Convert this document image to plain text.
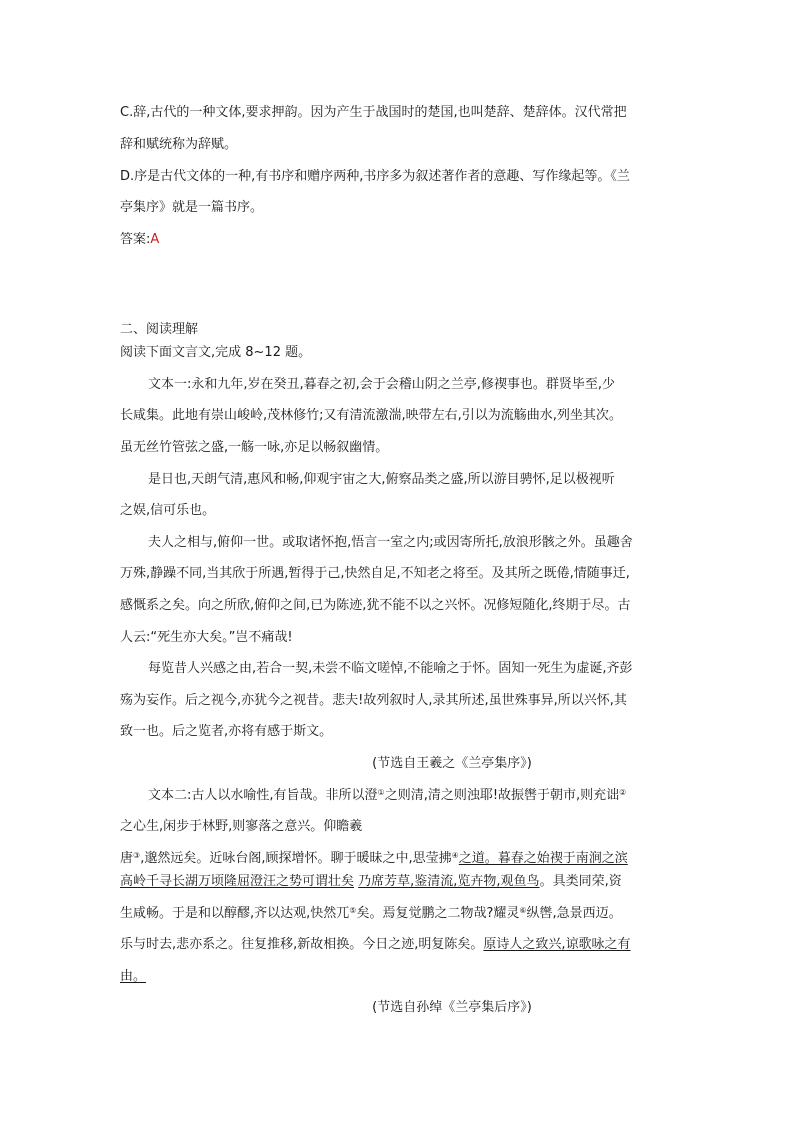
C.辞,古代的一种文体,要求押韵。因为产生于战国时的楚国,也叫楚辞、楚辞体。汉代常把
辞和赋统称为辞赋。
D.序是古代文体的一种,有书序和赠序两种,书序多为叙述著作者的意趣、写作缘起等。《兰
亭集序》就是一篇书序。
答案:A
二、阅读理解
阅读下面文言文,完成 8~12 题。
文本一:永和九年,岁在癸丑,暮春之初,会于会稽山阴之兰亭,修禊事也。群贤毕至,少
长咸集。此地有崇山峻岭,茂林修竹;又有清流激湍,映带左右,引以为流觞曲水,列坐其次。
虽无丝竹管弦之盛,一觞一咏,亦足以畅叙幽情。
是日也,天朗气清,惠风和畅,仰观宇宙之大,俯察品类之盛,所以游目骋怀,足以极视听
之娱,信可乐也。
夫人之相与,俯仰一世。或取诸怀抱,悟言一室之内;或因寄所托,放浪形骸之外。虽趣舍
万殊,静躁不同,当其欣于所遇,暂得于己,快然自足,不知老之将至。及其所之既倦,情随事迁,
感慨系之矣。向之所欣,俯仰之间,已为陈迹,犹不能不以之兴怀。况修短随化,终期于尽。古
人云:“死生亦大矣。”岂不痛哉!
每览昔人兴感之由,若合一契,未尝不临文嗟悼,不能喻之于怀。固知一死生为虚诞,齐彭
殇为妄作。后之视今,亦犹今之视昔。悲夫!故列叙时人,录其所述,虽世殊事异,所以兴怀,其
致一也。后之览者,亦将有感于斯文。
(节选自王羲之《兰亭集序》)
文本二:古人以水喻性,有旨哉。非所以澄①之则清,清之则浊耶!故振辔于朝市,则充诎②
之心生,闲步于林野,则寥落之意兴。仰瞻羲
唐③,邈然远矣。近咏台阁,顾探增怀。聊于暖昧之中,思莹拂④之道。暮春之始禊于南涧之滨
高岭千寻长湖万顷隆屈澄汪之势可谓壮矣 乃席芳草,鉴清流,览卉物,观鱼鸟。具类同荣,资
生咸畅。于是和以醇醪,齐以达观,快然兀⑤矣。焉复觉鹏之二物哉?耀灵⑥纵辔,急景西迈。
乐与时去,悲亦系之。往复推移,新故相换。今日之迹,明复陈矣。原诗人之致兴,谅歌咏之有
由。
(节选自孙绰《兰亭集后序》)
